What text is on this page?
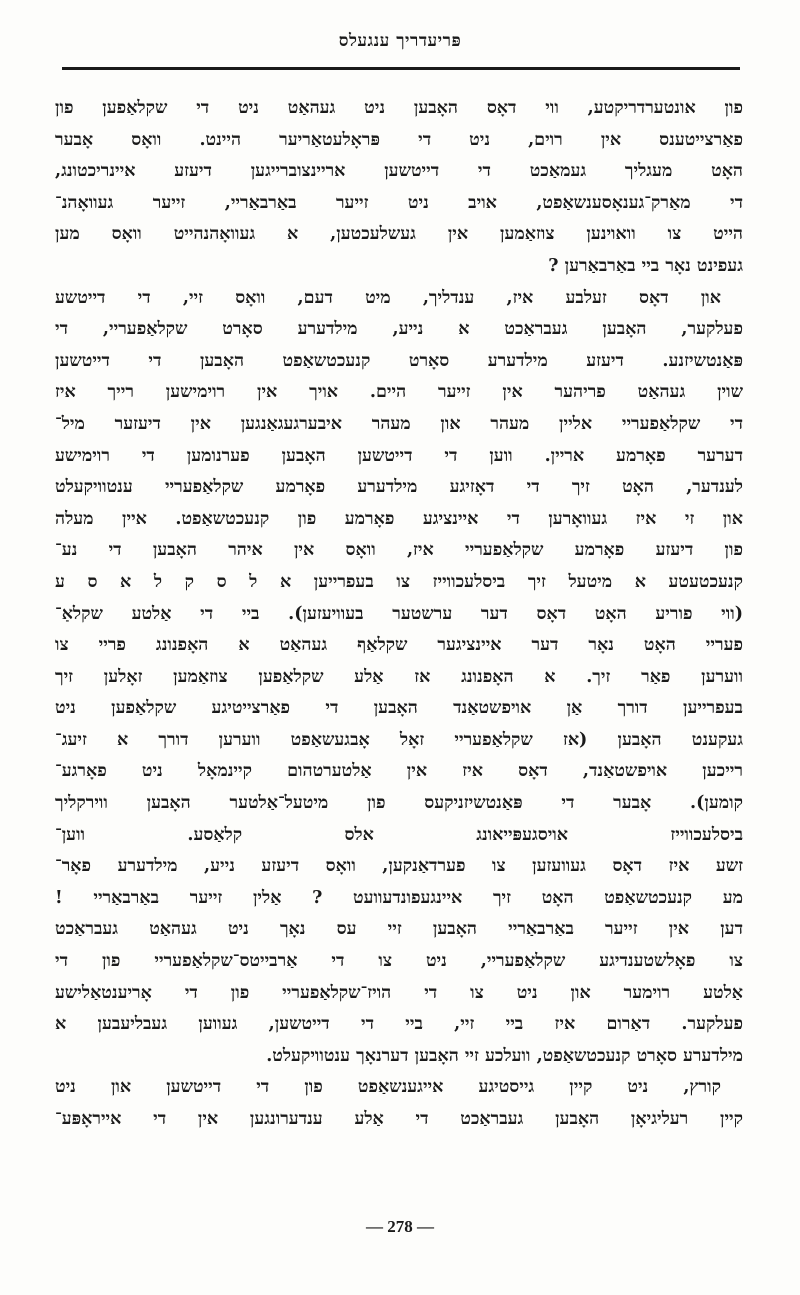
פּריעדריך ענגעלס
פון אונטערדריקטע, ווי דאָס האָבען ניט געהאַט ניט די שקלאַפען פון
פאַרצייטענס אין רוים, ניט די פּראָלעטאַריער היינט. וואָס אָבער
האָט מעגליך געמאַכט די דייטשען אריינצוברייגען דיעזע איינריכטונג,
די מאַרק־גענאָסענשאַפט, אויב ניט זייער באַרבאַריי, זייער געוואָהנ־
הייט צו וואוינען צוזאַמען אין געשלעכטען, א געוואָהנהייט וואָס מען
געפינט נאָר ביי באַרבאַרען ?
און דאָס זעלבע איז, ענדליך, מיט דעם, וואָס זיי, די דייטשע
פעלקער, האָבען געבראַכט א נייע, מילדערע סאָרט שקלאַפעריי, די
פּאַנטשיזנע. דיעזע מילדערע סאָרט קנעכטשאַפט האָבען די דייטשען
שוין געהאַט פריהער אין זייער היים. אויך אין רוימישען רייך איז
די שקלאַפעריי אליין מעהר און מעהר איבערגעגאַנגען אין דיעזער מיל־
דערער פאָרמע אריין. ווען די דייטשען האָבען פערנומען די רוימישע
לענדער, האָט זיך די דאָזיגע מילדערע פאָרמע שקלאַפעריי ענטוויקעלט
און זי איז געוואָרען די איינציגע פאָרמע פון קנעכטשאַפט. איין מעלה
פון דיעזע פאָרמע שקלאַפעריי איז, וואָס אין איהר האָבען די נע־
קנעכטעטע א מיטעל זיך ביסלעכווייז צו בעפרייען א ל ס ק ל א ס ע
(ווי פוריע האָט דאָס דער ערשטער בעוויעזען). ביי די אַלטע שקלאַ־
פעריי האָט נאָר דער איינציגער שקלאַף געהאַט א האָפנונג פריי צו
ווערען פאַר זיך. א האָפנונג אז אַלע שקלאַפען צוזאַמען זאָלען זיך
בעפרייען דורך אַן אויפשטאַנד האָבען די פאַרצייטיגע שקלאַפען ניט
געקענט האָבען (אז שקלאַפעריי זאָל אָבגעשאַפט ווערען דורך א זיעג־
רייכען אויפשטאַנד, דאָס איז אין אַלטערטהום קיינמאָל ניט פאָרגע־
קומען). אָבער די פּאַנטשיזניקעס פון מיטעל־אַלטער האָבען ווירקליך
ביסלעכווייז אויסגעפּייאונג אלס קלאַסע. ווען־
זשע איז דאָס געוועזען צו פערדאַנקען, וואָס דיעזע נייע, מילדערע פאָר־
מע קנעכטשאַפט האָט זיך איינגעפונדעוועט ? אַלין זייער באַרבאַריי !
דען אין זייער באַרבאַריי האָבען זיי עס נאָך ניט געהאַט געבראַכט
צו פאָלשטענדיגע שקלאַפעריי, ניט צו די אַרבייטס־שקלאַפעריי פון די
אַלטע רוימער און ניט צו די הויז־שקלאַפעריי פון די אָריענטאַלישע
פעלקער. דאַרום איז ביי זיי, ביי די דייטשען, געווען געבליעבען א
מילדערע סאָרט קנעכטשאַפט, וועלכע זיי האָבען דערנאָך ענטוויקעלט.
קורץ, ניט קיין גייסטיגע אייגענשאַפט פון די דייטשען און ניט
קיין רעליגיאָן האָבען געבראַכט די אַלע ענדערונגען אין די אייראָפּע־
— 278 —
